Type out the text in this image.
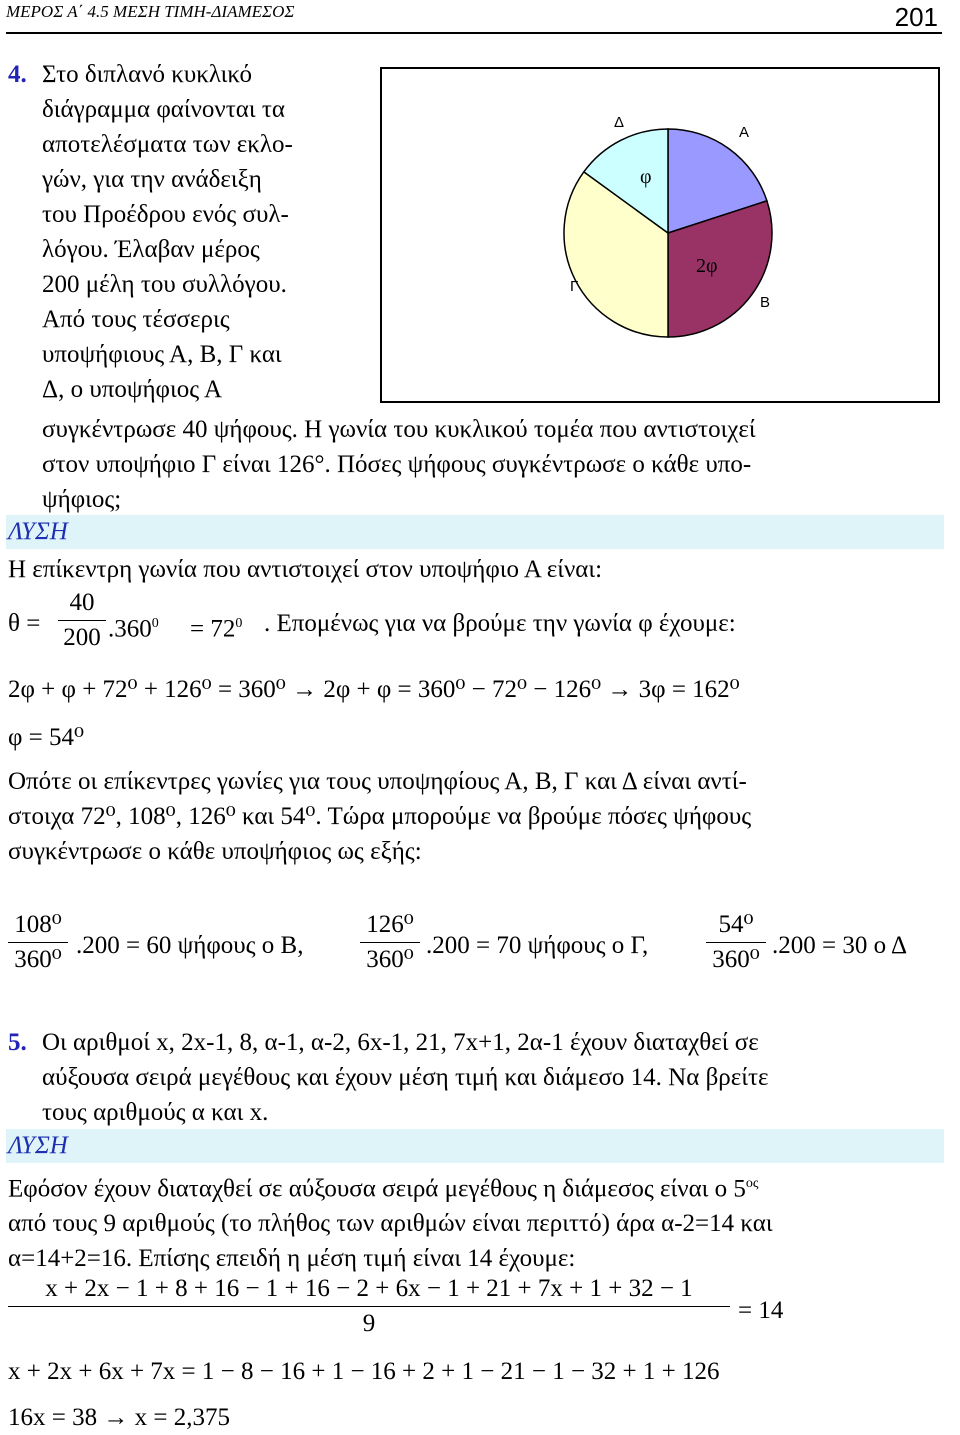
ΜΕΡΟΣ Α΄ 4.5 ΜΕΣΗ ΤΙΜΗ-ΔΙΑΜΕΣΟΣ	201
4. Στο διπλανό κυκλικό
διάγραμμα φαίνονται τα
αποτελέσματα των εκλο-
γών, για την ανάδειξη
του Προέδρου ενός συλ-
λόγου. Έλαβαν μέρος
200 μέλη του συλλόγου.
Από τους τέσσερις
υποψήφιους Α, Β, Γ και
Δ, ο υποψήφιος Α
Α
Β
Γ
Δ
φ
2φ
συγκέντρωσε 40 ψήφους. Η γωνία του κυκλικού τομέα που αντιστοιχεί
στον υποψήφιο Γ είναι 126°. Πόσες ψήφους συγκέντρωσε ο κάθε υπο-
ψήφιος;
ΛΥΣΗ
Η επίκεντρη γωνία που αντιστοιχεί στον υποψήφιο Α είναι:
θ =
40
200 $.360^0 = 72^0$ . Επομένως για να βρούμε την γωνία φ έχουμε:
2φ + φ + 72⁰ + 126⁰ = 360⁰ → 2φ + φ = 360⁰ − 72⁰ − 126⁰ → 3φ = 162⁰
φ = 54⁰
Οπότε οι επίκεντρες γωνίες για τους υποψηφίους Α, Β, Γ και Δ είναι αντί-
στοιχα 72⁰, 108⁰, 126⁰ και 54⁰. Τώρα μπορούμε να βρούμε πόσες ψήφους
συγκέντρωσε ο κάθε υποψήφιος ως εξής:
108⁰
360⁰
.200 = 60 ψήφους ο Β,
126⁰
360⁰
.200 = 70 ψήφους ο Γ,
54⁰
360⁰
.200 = 30 ο Δ
5. Οι αριθμοί x, 2x-1, 8, α-1, α-2, 6x-1, 21, 7x+1, 2α-1 έχουν διαταχθεί σε
αύξουσα σειρά μεγέθους και έχουν μέση τιμή και διάμεσο 14. Να βρείτε
τους αριθμούς α και x.
ΛΥΣΗ
Εφόσον έχουν διαταχθεί σε αύξουσα σειρά μεγέθους η διάμεσος είναι ο $5^{o\varsigma}$
από τους 9 αριθμούς (το πλήθος των αριθμών είναι περιττό) άρα α-2=14 και
α=14+2=16. Επίσης επειδή η μέση τιμή είναι 14 έχουμε:
x + 2x − 1 + 8 + 16 − 1 + 16 − 2 + 6x − 1 + 21 + 7x + 1 + 32 − 1
9	= 14
x + 2x + 6x + 7x = 1 − 8 − 16 + 1 − 16 + 2 + 1 − 21 − 1 − 32 + 1 + 126
16x = 38 → x = 2,375
